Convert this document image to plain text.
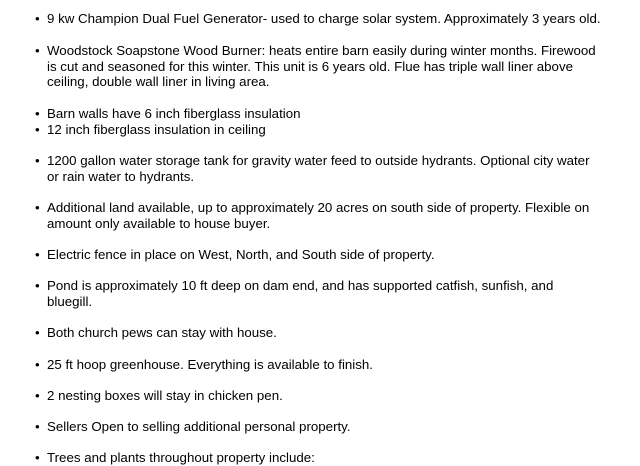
• 9 kw Champion Dual Fuel Generator- used to charge solar system. Approximately 3 years old.
• Woodstock Soapstone Wood Burner: heats entire barn easily during winter months. Firewood
is cut and seasoned for this winter. This unit is 6 years old. Flue has triple wall liner above
ceiling, double wall liner in living area.
• Barn walls have 6 inch fiberglass insulation
• 12 inch fiberglass insulation in ceiling
• 1200 gallon water storage tank for gravity water feed to outside hydrants. Optional city water
or rain water to hydrants.
• Additional land available, up to approximately 20 acres on south side of property. Flexible on
amount only available to house buyer.
• Electric fence in place on West, North, and South side of property.
• Pond is approximately 10 ft deep on dam end, and has supported catfish, sunfish, and
bluegill.
• Both church pews can stay with house.
• 25 ft hoop greenhouse. Everything is available to finish.
• 2 nesting boxes will stay in chicken pen.
• Sellers Open to selling additional personal property.
• Trees and plants throughout property include:
